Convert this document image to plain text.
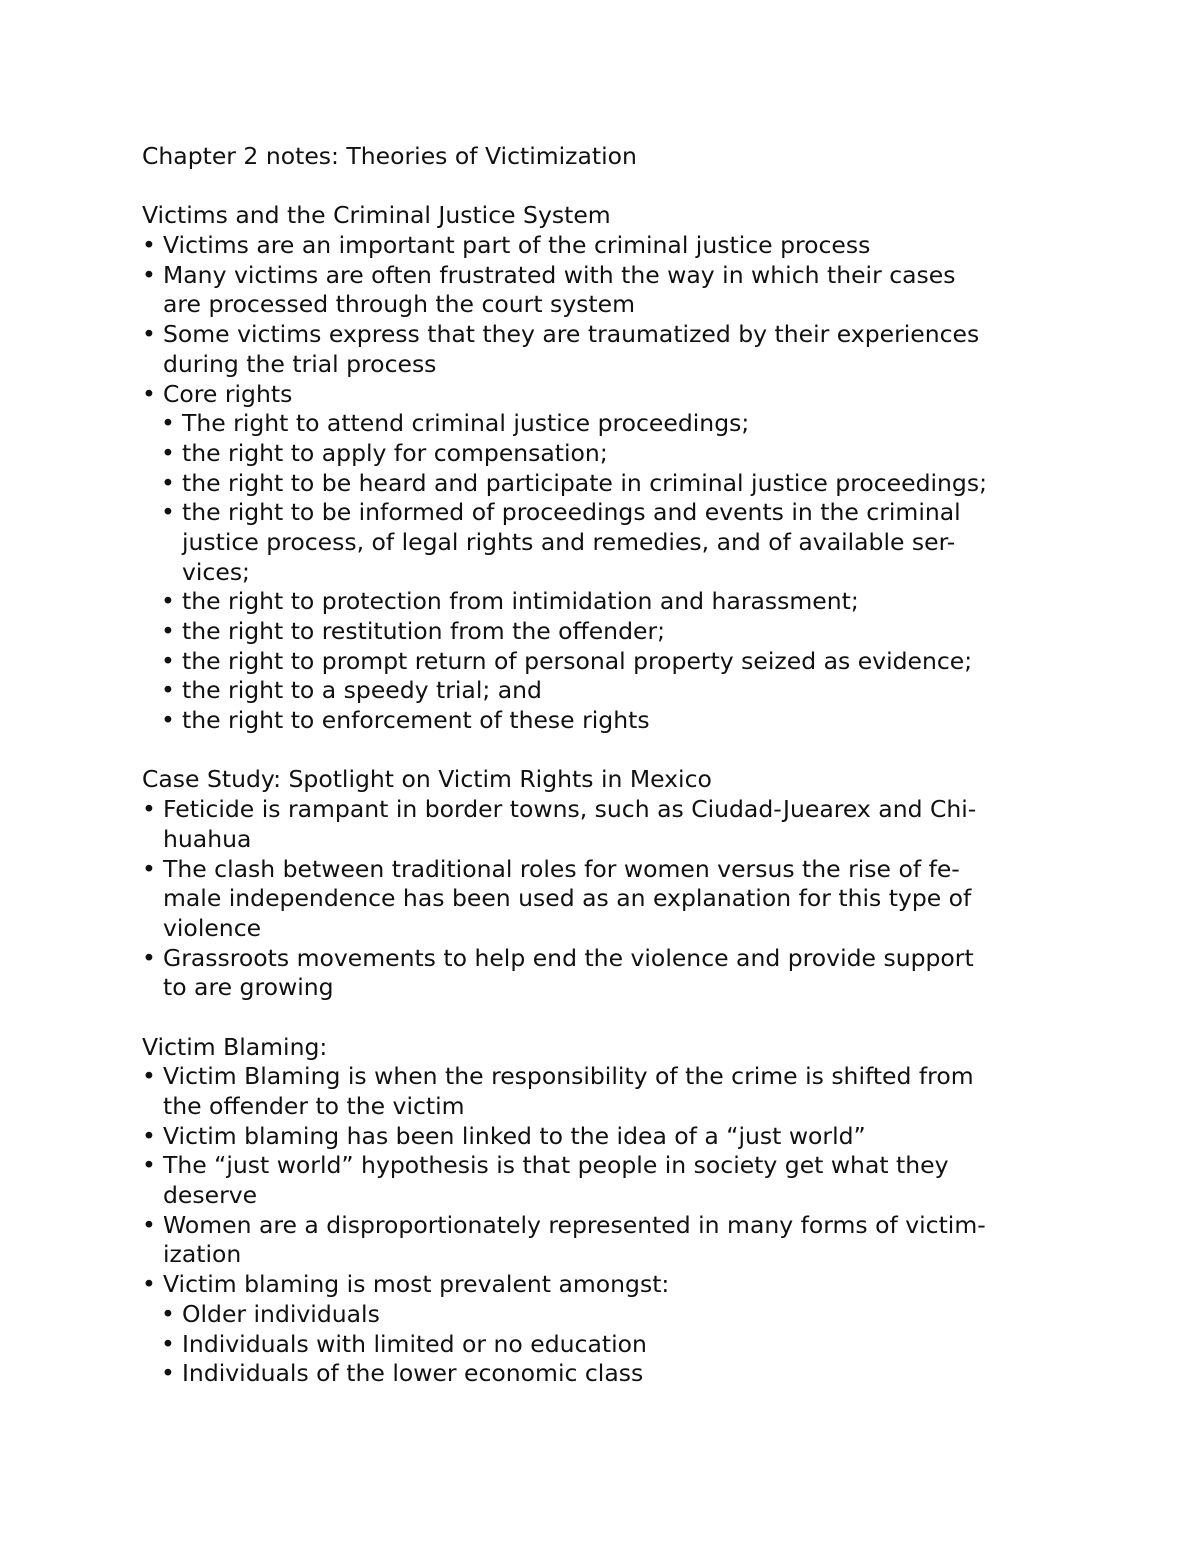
Chapter 2 notes: Theories of Victimization
Victims and the Criminal Justice System
• Victims are an important part of the criminal justice process
• Many victims are often frustrated with the way in which their cases
are processed through the court system
• Some victims express that they are traumatized by their experiences
during the trial process
• Core rights
• The right to attend criminal justice proceedings;
• the right to apply for compensation;
• the right to be heard and participate in criminal justice proceedings;
• the right to be informed of proceedings and events in the criminal
justice process, of legal rights and remedies, and of available ser-
vices;
• the right to protection from intimidation and harassment;
• the right to restitution from the offender;
• the right to prompt return of personal property seized as evidence;
• the right to a speedy trial; and
• the right to enforcement of these rights
Case Study: Spotlight on Victim Rights in Mexico
• Feticide is rampant in border towns, such as Ciudad-Juearex and Chi-
huahua
• The clash between traditional roles for women versus the rise of fe-
male independence has been used as an explanation for this type of
violence
• Grassroots movements to help end the violence and provide support
to are growing
Victim Blaming:
• Victim Blaming is when the responsibility of the crime is shifted from
the offender to the victim
• Victim blaming has been linked to the idea of a “just world”
• The “just world” hypothesis is that people in society get what they
deserve
• Women are a disproportionately represented in many forms of victim-
ization
• Victim blaming is most prevalent amongst:
• Older individuals
• Individuals with limited or no education
• Individuals of the lower economic class
